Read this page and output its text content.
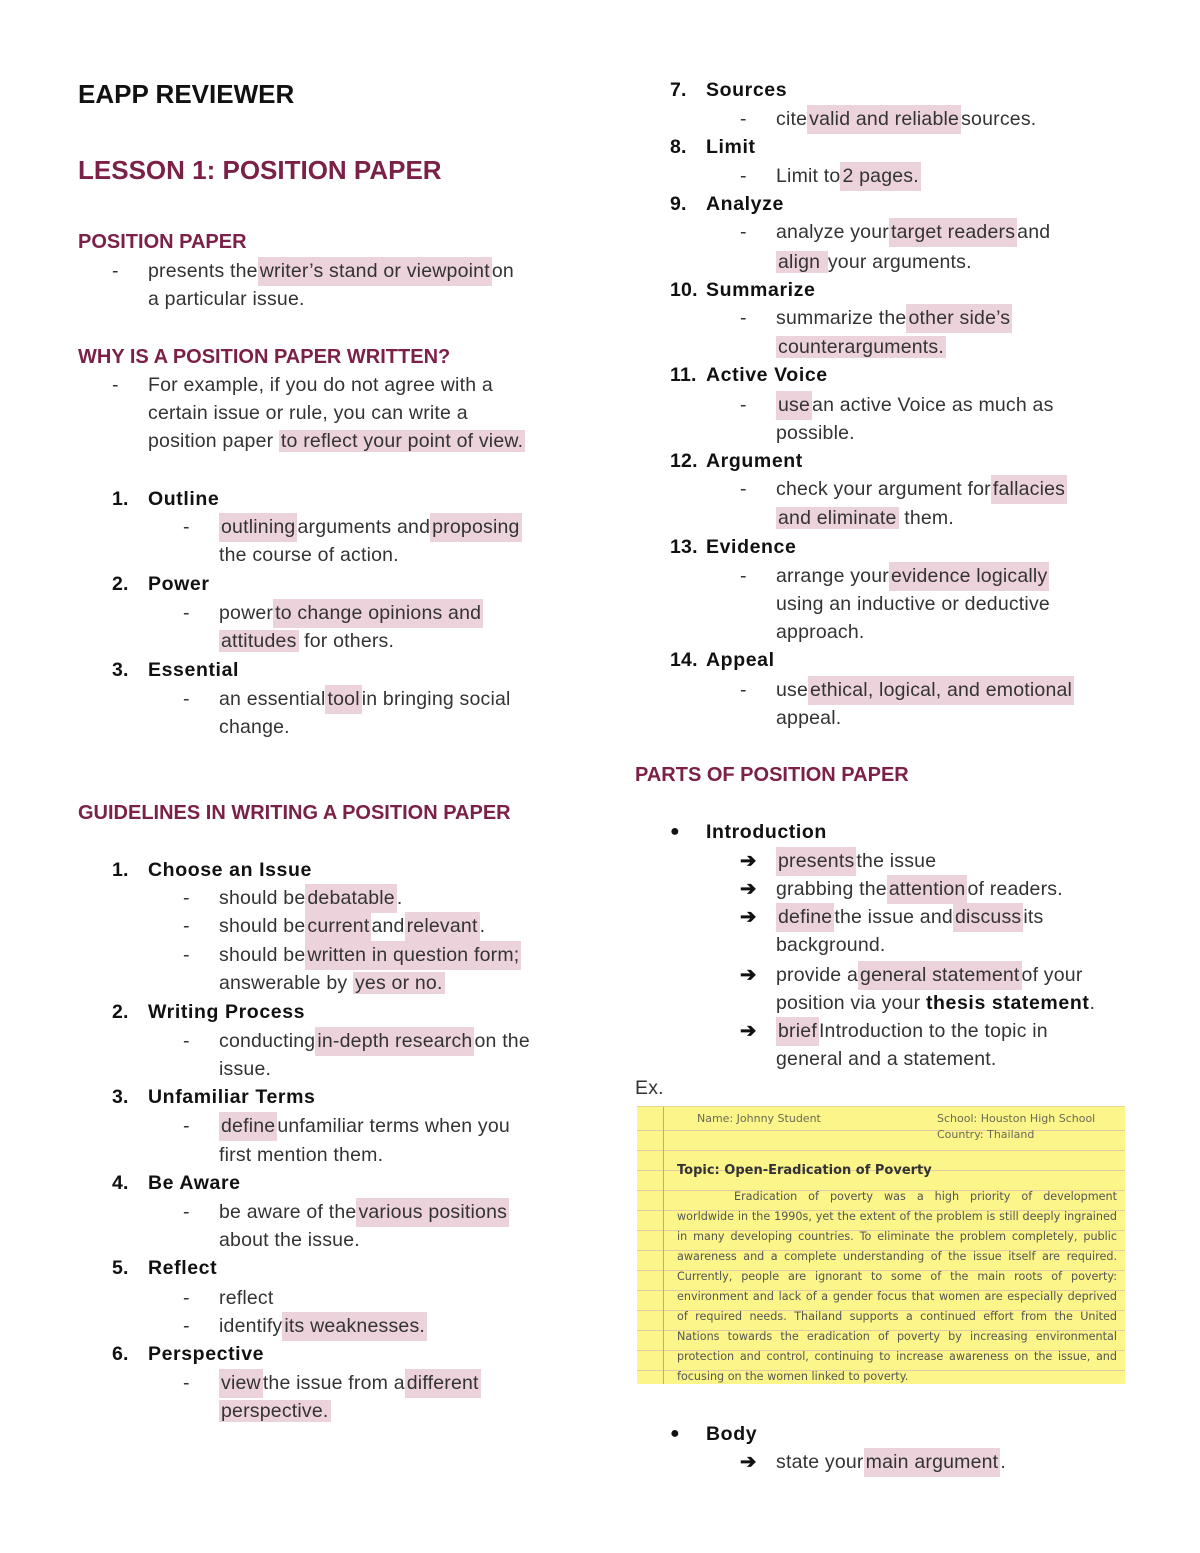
EAPP REVIEWER
LESSON 1: POSITION PAPER
POSITION PAPER
-	presents the writer’s stand or viewpoint on
a particular issue.
WHY IS A POSITION PAPER WRITTEN?
-	For example, if you do not agree with a
certain issue or rule, you can write a
position paper to reflect your point of view.
1. Outline
-	outlining arguments and proposing
the course of action.
2. Power
-	power to change opinions and
attitudes for others.
3. Essential
-	an essential tool in bringing social
change.
GUIDELINES IN WRITING A POSITION PAPER
1. Choose an Issue
-	should be debatable .
-	should be current and relevant .
-	should be written in question form;
answerable by yes or no.
2. Writing Process
-	conducting in-depth research on the
issue.
3. Unfamiliar Terms
-	define unfamiliar terms when you
first mention them.
4. Be Aware
-	be aware of the various positions
about the issue.
5. Reflect
-	reflect
-	identify its weaknesses.
6. Perspective
-	view the issue from a different
perspective.
7. Sources
-	cite valid and reliable sources.
8. Limit
-	Limit to 2 pages.
9. Analyze
-	analyze your target readers and
align your arguments.
10. Summarize
-	summarize the other side’s
counterarguments.
11. Active Voice
-	use an active Voice as much as
possible.
12. Argument
-	check your argument for fallacies
and eliminate them.
13. Evidence
-	arrange your evidence logically
using an inductive or deductive
approach.
14. Appeal
-	use ethical, logical, and emotional
appeal.
PARTS OF POSITION PAPER
●	Introduction
➔	presents the issue
➔ grabbing the attention of readers.
➔	define the issue and discuss its
background.
➔ provide a general statement of your
position via your thesis statement.
➔	brief Introduction to the topic in
general and a statement.
Ex.
Name: Johnny Student	School: Houston High School
Country: Thailand
Topic: Open-Eradication of Poverty
Eradication of poverty was a high priority of development worldwide in the 1990s, yet the extent of the problem is still deeply ingrained in many developing countries. To eliminate the problem completely, public awareness and a complete understanding of the issue itself are required. Currently, people are ignorant to some of the main roots of poverty: environment and lack of a gender focus that women are especially deprived of required needs. Thailand supports a continued effort from the United Nations towards the eradication of poverty by increasing environmental protection and control, continuing to increase awareness on the issue, and focusing on the women linked to poverty.
●	Body
➔ state your main argument .
